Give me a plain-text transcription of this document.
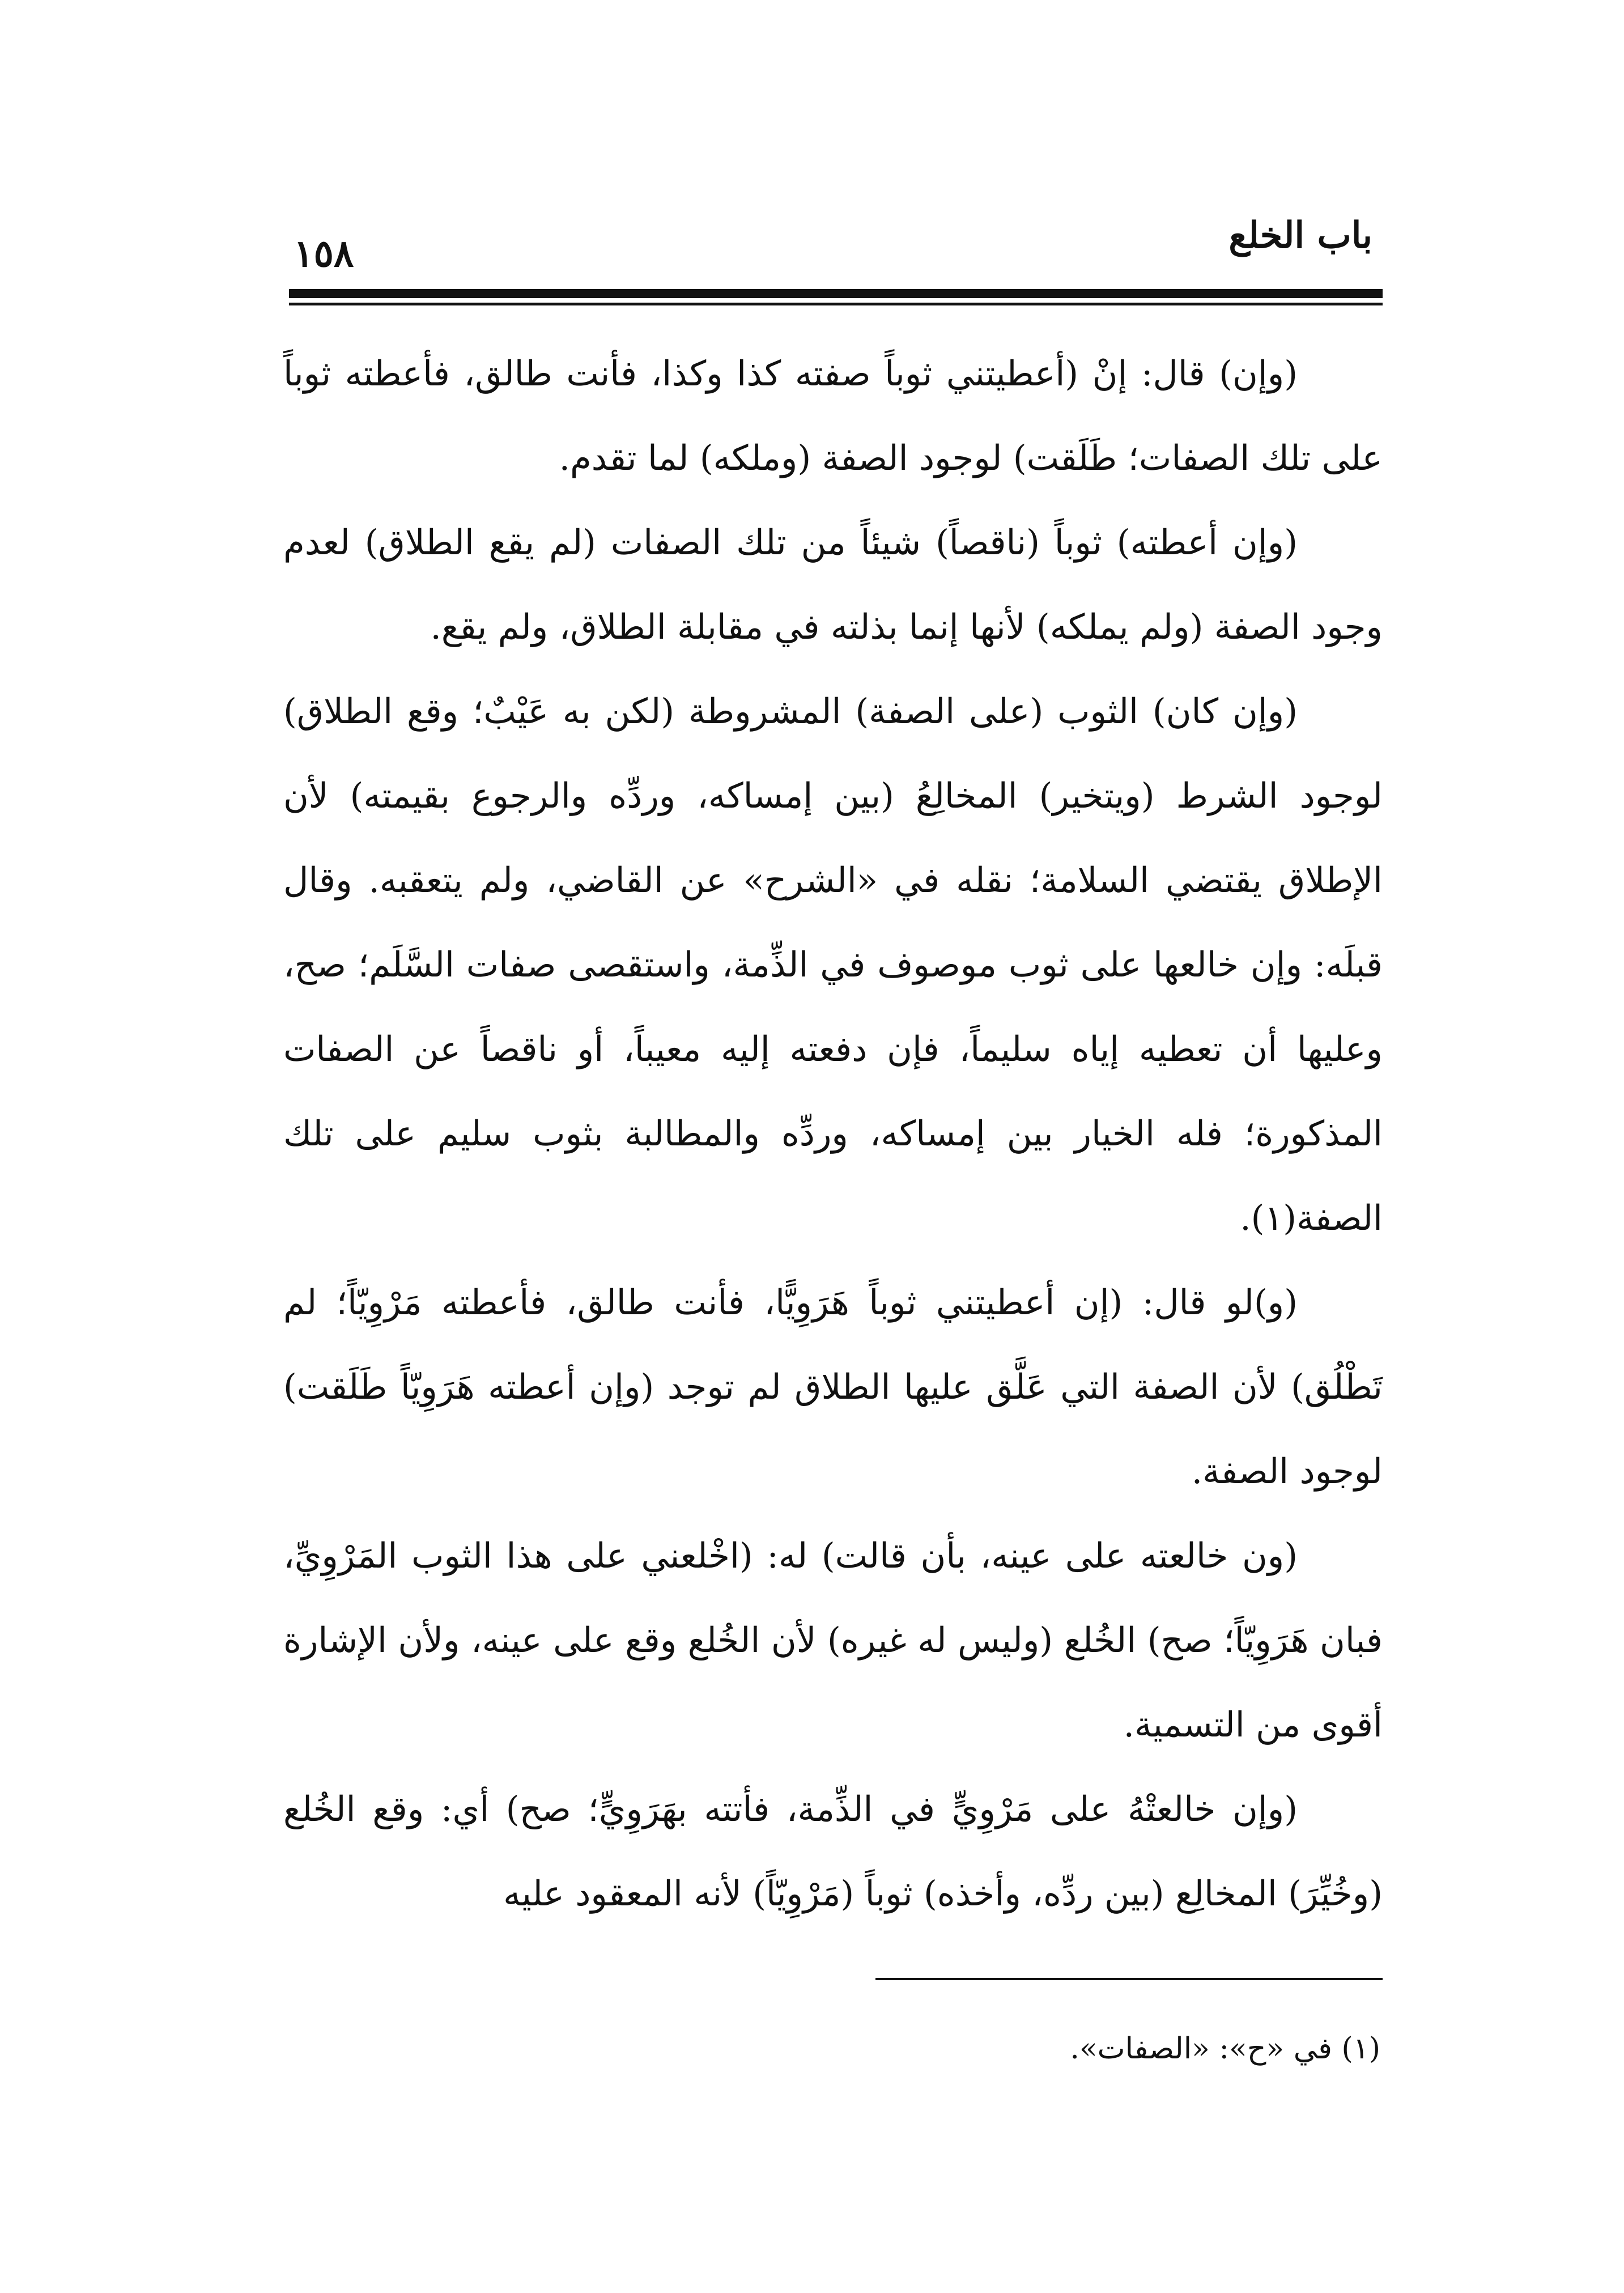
١٥٨	باب الخلع

(وإن) قال: إنْ (أعطيتني ثوباً صفته كذا وكذا، فأنت طالق، فأعطته ثوباً على تلك الصفات؛ طَلَقت) لوجود الصفة (وملكه) لما تقدم.

(وإن أعطته) ثوباً (ناقصاً) شيئاً من تلك الصفات (لم يقع الطلاق) لعدم وجود الصفة (ولم يملكه) لأنها إنما بذلته في مقابلة الطلاق، ولم يقع.

(وإن كان) الثوب (على الصفة) المشروطة (لكن به عَيْبٌ؛ وقع الطلاق) لوجود الشرط (ويتخير) المخالِعُ (بين إمساكه، وردِّه والرجوع بقيمته) لأن الإطلاق يقتضي السلامة؛ نقله في «الشرح» عن القاضي، ولم يتعقبه. وقال قبلَه: وإن خالعها على ثوب موصوف في الذِّمة، واستقصى صفات السَّلَم؛ صح، وعليها أن تعطيه إياه سليماً، فإن دفعته إليه معيباً، أو ناقصاً عن الصفات المذكورة؛ فله الخيار بين إمساكه، وردِّه والمطالبة بثوب سليم على تلك الصفة(١).

(و)لو قال: (إن أعطيتني ثوباً هَرَوِيًّا، فأنت طالق، فأعطته مَرْوِيّاً؛ لم تَطْلُق) لأن الصفة التي عَلَّق عليها الطلاق لم توجد (وإن أعطته هَرَوِيّاً طَلَقت) لوجود الصفة.

(ون خالعته على عينه، بأن قالت) له: (اخْلعني على هذا الثوب المَرْوِيِّ، فبان هَرَوِيّاً؛ صح) الخُلع (وليس له غيره) لأن الخُلع وقع على عينه، ولأن الإشارة أقوى من التسمية.

(وإن خالعتْهُ على مَرْوِيٍّ في الذِّمة، فأتته بهَرَوِيٍّ؛ صح) أي: وقع الخُلع (وخُيِّرَ) المخالِع (بين ردِّه، وأخذه) ثوباً (مَرْوِيّاً) لأنه المعقود عليه

(١) في «ح»: «الصفات».
